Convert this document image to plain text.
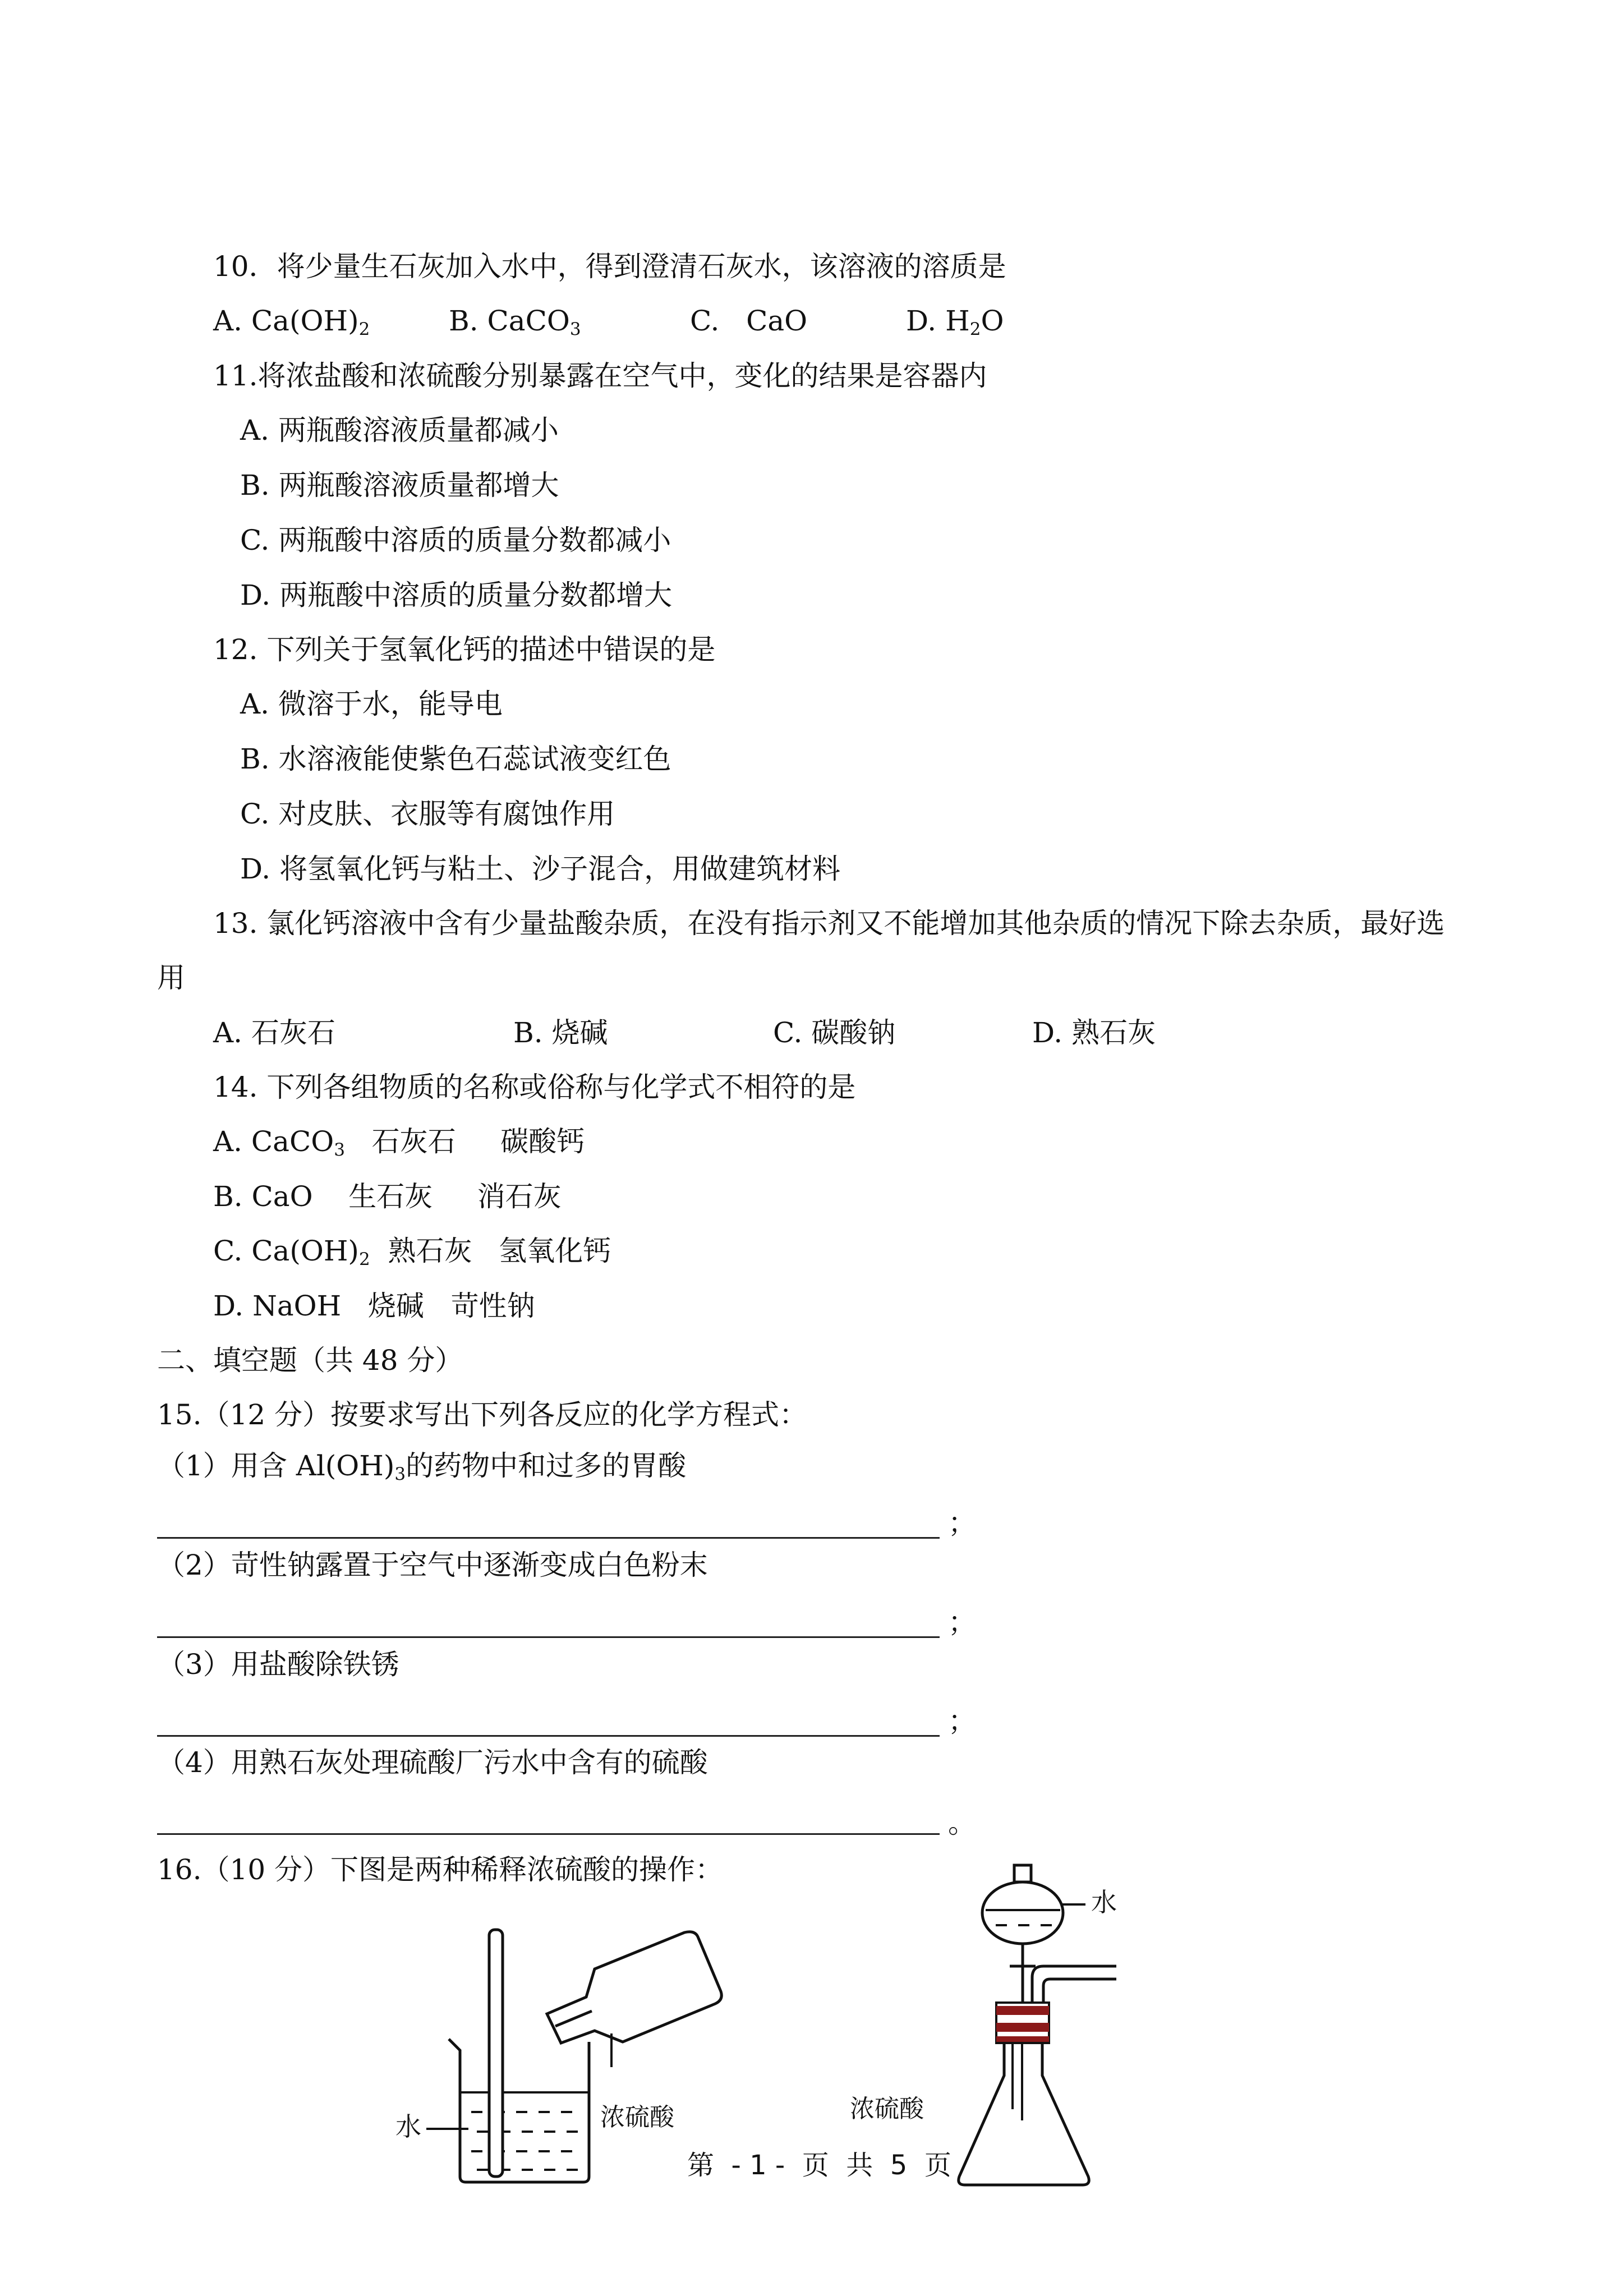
10．将少量生石灰加入水中，得到澄清石灰水，该溶液的溶质是
A. $Ca(OH)_2$	B. CaCO$_3$	C. CaO	D. $H_2O$
11.将浓盐酸和浓硫酸分别暴露在空气中，变化的结果是容器内
A. 两瓶酸溶液质量都减小
B. 两瓶酸溶液质量都增大
C. 两瓶酸中溶质的质量分数都减小
D. 两瓶酸中溶质的质量分数都增大
12. 下列关于氢氧化钙的描述中错误的是
A. 微溶于水，能导电
B. 水溶液能使紫色石蕊试液变红色
C. 对皮肤、衣服等有腐蚀作用
D. 将氢氧化钙与粘土、沙子混合，用做建筑材料
13. 氯化钙溶液中含有少量盐酸杂质，在没有指示剂又不能增加其他杂质的情况下除去杂质，最好选
用
A. 石灰石	B. 烧碱	C. 碳酸钠	D. 熟石灰
14. 下列各组物质的名称或俗称与化学式不相符的是
A. CaCO$_3$   石灰石     碳酸钙
B. CaO    生石灰     消石灰
C. $Ca(OH)_2$  熟石灰   氢氧化钙
D. NaOH   烧碱   苛性钠
二、填空题（共 48 分）
15.（12 分）按要求写出下列各反应的化学方程式：
（1）用含 $Al(OH)_3$的药物中和过多的胃酸
；
（2）苛性钠露置于空气中逐渐变成白色粉末
；
（3）用盐酸除铁锈
；
（4）用熟石灰处理硫酸厂污水中含有的硫酸
。
16.（10 分）下图是两种稀释浓硫酸的操作：
水	浓硫酸	浓硫酸
水
第  - 1 -  页  共  5  页
